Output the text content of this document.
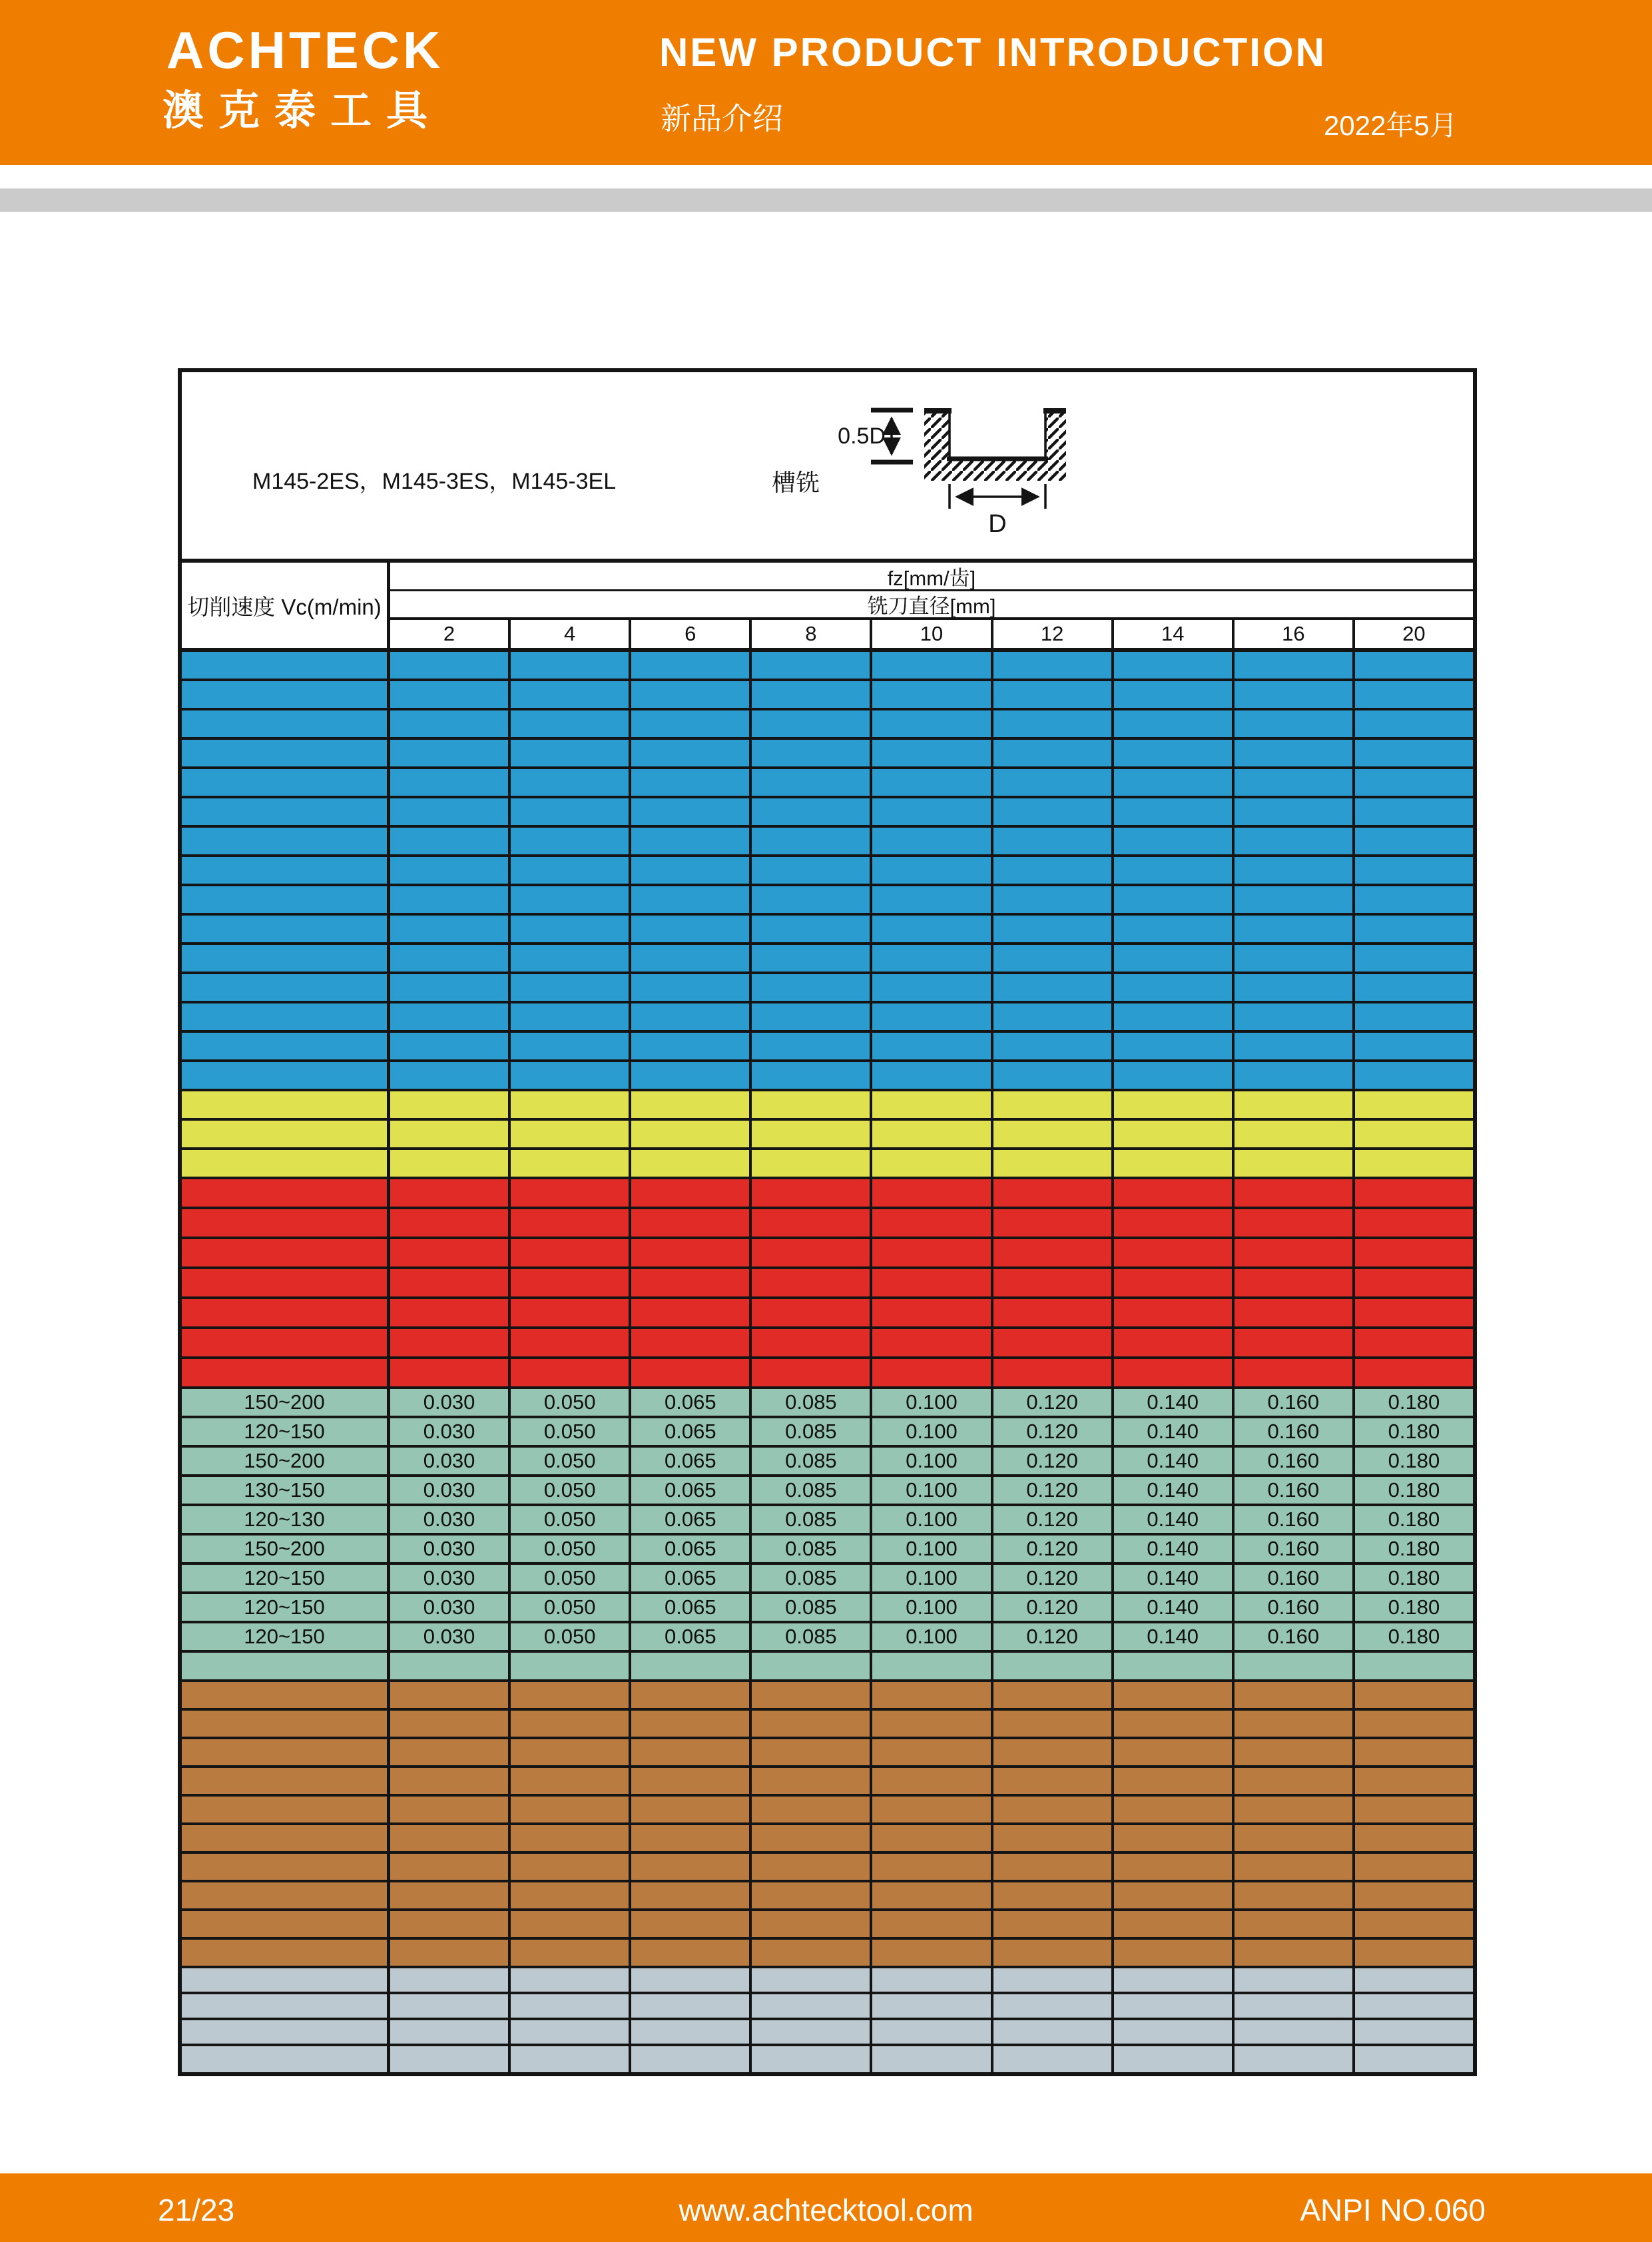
ACHTECK
澳克泰工具
NEW PRODUCT INTRODUCTION
新品介绍	2022年5月
M145-2ES，M145-3ES，M145-3EL	槽铣
0.5D
D
切削速度 Vc(m/min)
fz[mm/齿]
铣刀直径[mm]
2	4	6	8	10	12	14	16	20
150~200	0.030	0.050	0.065	0.085	0.100	0.120	0.140	0.160	0.180
120~150	0.030	0.050	0.065	0.085	0.100	0.120	0.140	0.160	0.180
150~200	0.030	0.050	0.065	0.085	0.100	0.120	0.140	0.160	0.180
130~150	0.030	0.050	0.065	0.085	0.100	0.120	0.140	0.160	0.180
120~130	0.030	0.050	0.065	0.085	0.100	0.120	0.140	0.160	0.180
150~200	0.030	0.050	0.065	0.085	0.100	0.120	0.140	0.160	0.180
120~150	0.030	0.050	0.065	0.085	0.100	0.120	0.140	0.160	0.180
120~150	0.030	0.050	0.065	0.085	0.100	0.120	0.140	0.160	0.180
120~150	0.030	0.050	0.065	0.085	0.100	0.120	0.140	0.160	0.180
21/23	www.achtecktool.com	ANPI NO.060
